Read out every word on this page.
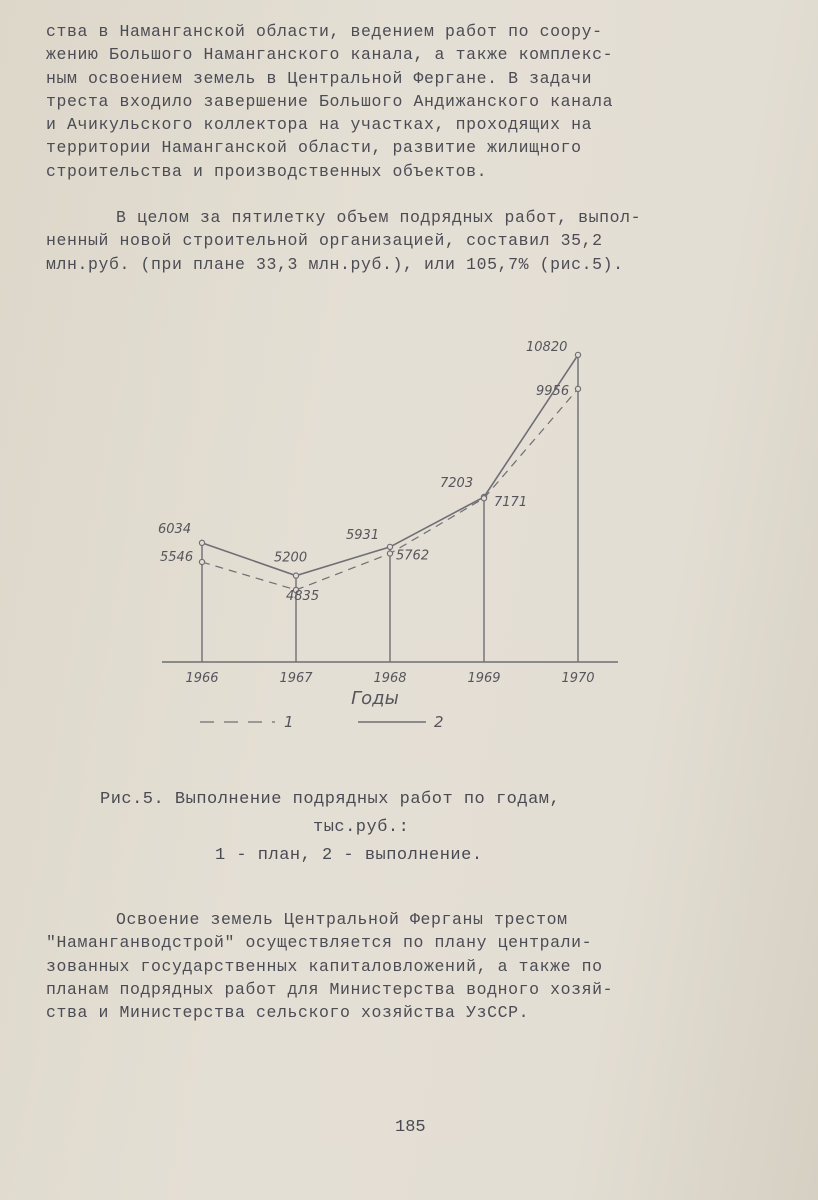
ства в Наманганской области, ведением работ по соору-
жению Большого Наманганского канала, а также комплекс-
ным освоением земель в Центральной Фергане. В задачи
треста входило завершение Большого Андижанского канала
и Ачикульского коллектора на участках, проходящих на
территории Наманганской области, развитие жилищного
строительства и производственных объектов.
В целом за пятилетку объем подрядных работ, выпол-
ненный новой строительной организацией, составил 35,2
млн.руб. (при плане 33,3 млн.руб.), или 105,7% (рис.5).
1966	1967	1968	1969	1970
Годы
6034
5200
5931
7203
10820
5546
4835
5762
7171
9956
1	2
Рис.5. Выполнение подрядных работ по годам,
тыс.руб.:
1 - план, 2 - выполнение.
Освоение земель Центральной Ферганы трестом
"Наманганводстрой" осуществляется по плану централи-
зованных государственных капиталовложений, а также по
планам подрядных работ для Министерства водного хозяй-
ства и Министерства сельского хозяйства УзССР.
185
